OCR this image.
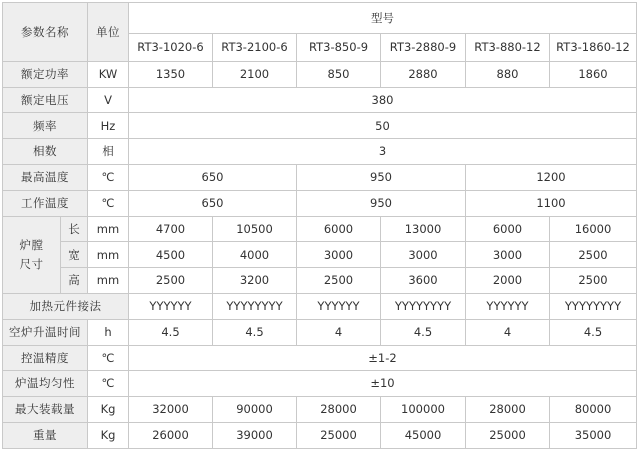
参数名称		单位	型号					
			RT3-1020-6	RT3-2100-6	RT3-850-9	RT3-2880-9	RT3-880-12	RT3-1860-12
额定功率		KW	1350	2100	850	2880	880	1860
额定电压		V	380					
频率		Hz	50					
相数		相	3					
最高温度		℃	650		950		1200	
工作温度		℃	650		950		1100	
炉膛
尺寸	长	mm	4700	10500	6000	13000	6000	16000
	宽	mm	4500	4000	3000	3000	3000	2500
	高	mm	2500	3200	2500	3600	2000	2500
加热元件接法			YYYYYY	YYYYYYYY	YYYYYY	YYYYYYYY	YYYYYY	YYYYYYYY
空炉升温时间		h	4.5	4.5	4	4.5	4	4.5
控温精度		℃	±1-2					
炉温均匀性		℃	±10					
最大装载量		Kg	32000	90000	28000	100000	28000	80000
重量		Kg	26000	39000	25000	45000	25000	35000
